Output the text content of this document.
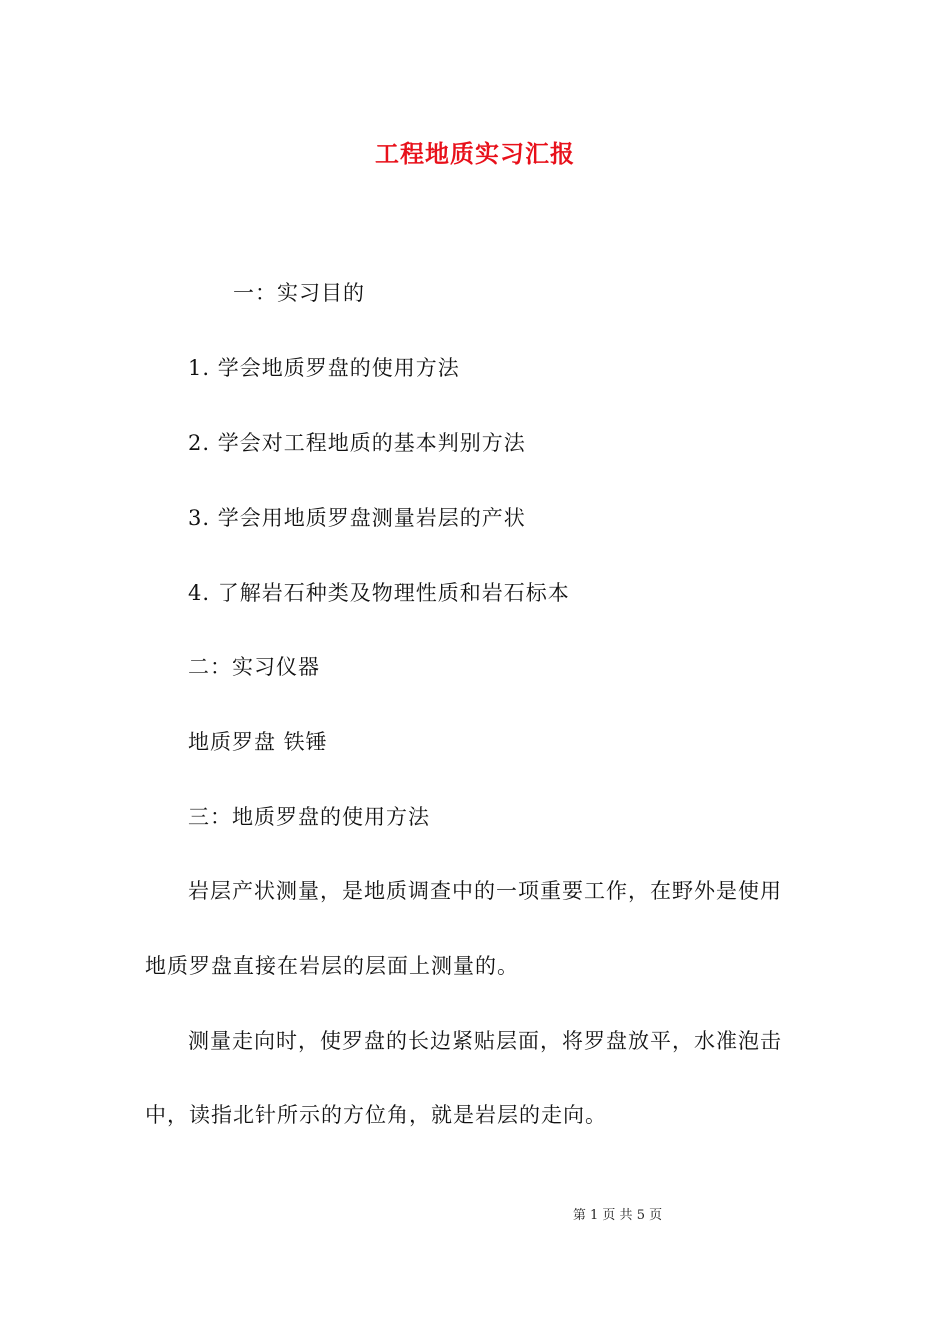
工程地质实习汇报
一：实习目的
1. 学会地质罗盘的使用方法
2. 学会对工程地质的基本判别方法
3. 学会用地质罗盘测量岩层的产状
4. 了解岩石种类及物理性质和岩石标本
二：实习仪器
地质罗盘 铁锤
三：地质罗盘的使用方法
岩层产状测量，是地质调查中的一项重要工作，在野外是使用
地质罗盘直接在岩层的层面上测量的。
测量走向时，使罗盘的长边紧贴层面，将罗盘放平，水准泡击
中，读指北针所示的方位角，就是岩层的走向。
第 1 页 共 5 页
